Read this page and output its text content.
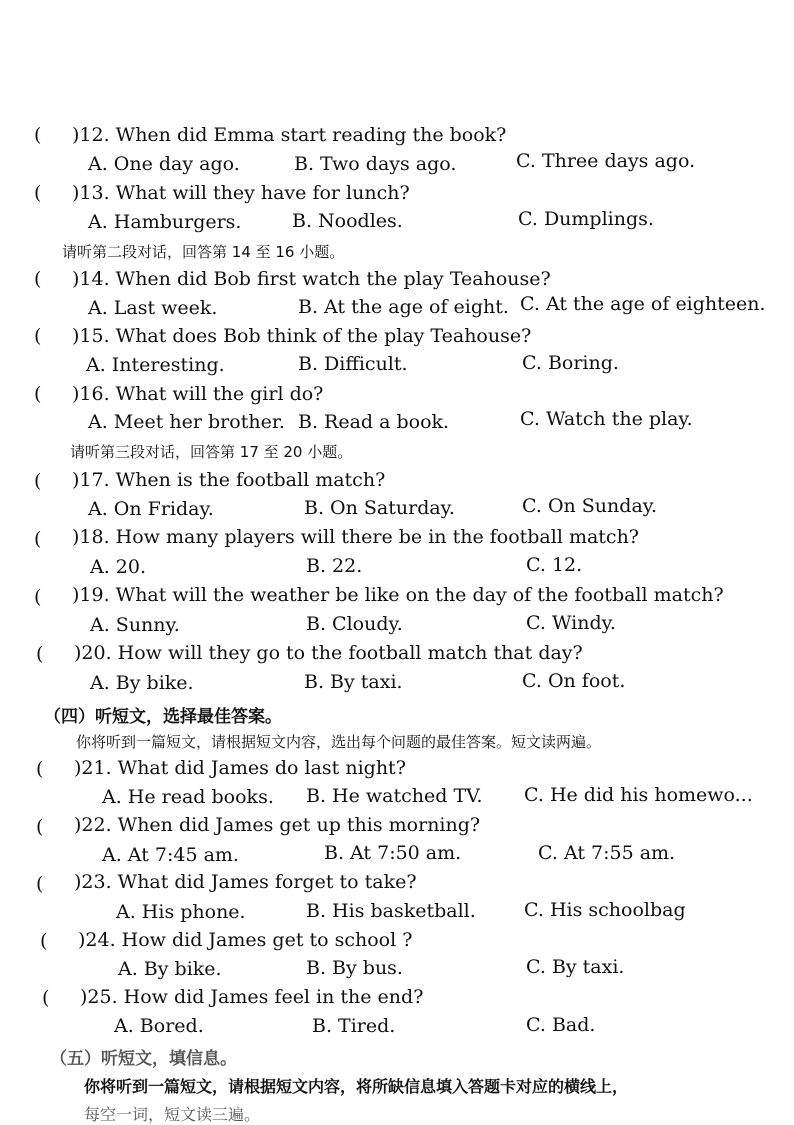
( )12. When did Emma start reading the book?
A. One day ago.	B. Two days ago.	C. Three days ago.
( )13. What will they have for lunch?
A. Hamburgers.	B. Noodles.	C. Dumplings.
请听第二段对话，回答第 14 至 16 小题。
( )14. When did Bob first watch the play Teahouse?
A. Last week.	B. At the age of eight. C. At the age of eighteen.
( )15. What does Bob think of the play Teahouse?
A. Interesting.	B. Difficult.	C. Boring.
( )16. What will the girl do?
A. Meet her brother. B. Read a book.	C. Watch the play.
请听第三段对话，回答第 17 至 20 小题。
( )17. When is the football match?
A. On Friday.	B. On Saturday.	C. On Sunday.
( )18. How many players will there be in the football match?
A. 20.	B. 22.	C. 12.
( )19. What will the weather be like on the day of the football match?
A. Sunny.	B. Cloudy.	C. Windy.
( )20. How will they go to the football match that day?
A. By bike.	B. By taxi.	C. On foot.
（四）听短文，选择最佳答案。
你将听到一篇短文，请根据短文内容，选出每个问题的最佳答案。短文读两遍。
( )21. What did James do last night?
A. He read books. B. He watched TV. C. He did his homewo...
( )22. When did James get up this morning?
A. At 7:45 am.	B. At 7:50 am.	C. At 7:55 am.
( )23. What did James forget to take?
A. His phone.	B. His basketball.	C. His schoolbag
( )24. How did James get to school ?
A. By bike.	B. By bus.	C. By taxi.
( )25. How did James feel in the end?
A. Bored.	B. Tired.	C. Bad.
（五）听短文，填信息。
你将听到一篇短文，请根据短文内容，将所缺信息填入答题卡对应的横线上，
每空一词，短文读三遍。
